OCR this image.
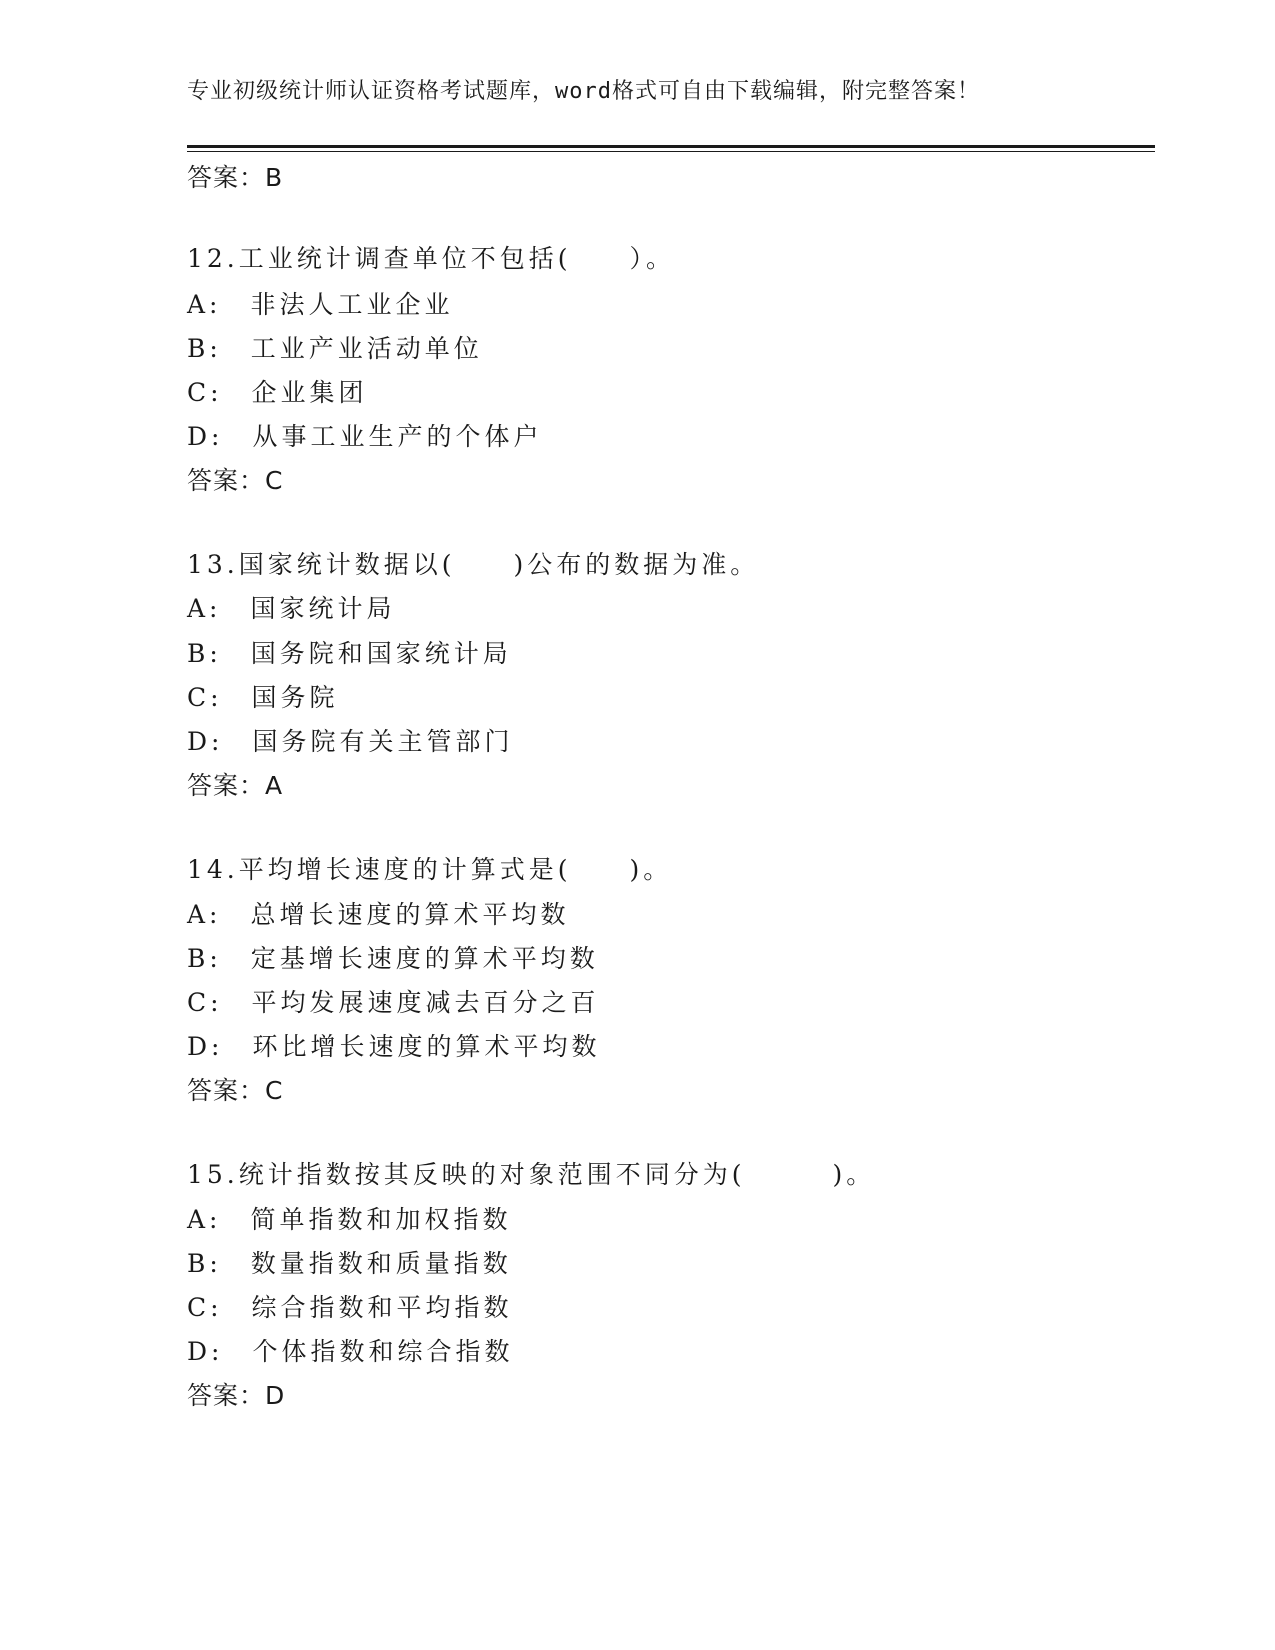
专业初级统计师认证资格考试题库，word格式可自由下载编辑，附完整答案！
答案：B
12.工业统计调查单位不包括(　　）。
A:　非法人工业企业
B:　工业产业活动单位
C:　企业集团
D:　从事工业生产的个体户
答案：C
13.国家统计数据以(　　)公布的数据为准。
A:　国家统计局
B:　国务院和国家统计局
C:　国务院
D:　国务院有关主管部门
答案：A
14.平均增长速度的计算式是(　　)。
A:　总增长速度的算术平均数
B:　定基增长速度的算术平均数
C:　平均发展速度减去百分之百
D:　环比增长速度的算术平均数
答案：C
15.统计指数按其反映的对象范围不同分为(　　　)。
A:　简单指数和加权指数
B:　数量指数和质量指数
C:　综合指数和平均指数
D:　个体指数和综合指数
答案：D
